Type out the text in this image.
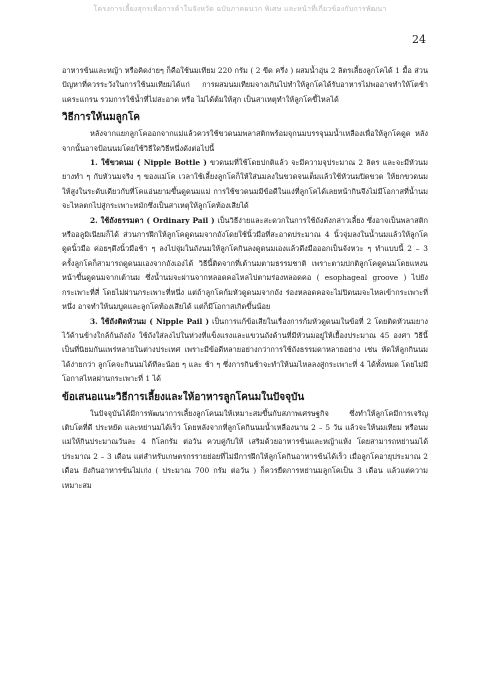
โครงการเลี้ยงสุกรเพื่อการค้าในจังหวัด ฉบับภาคผนวก พิเศษ และหน้าที่เกี่ยวข้องกับการพัฒนา
24

อาหารข้นและหญ้า หรือคิดง่ายๆ ก็คือใช้นมเทียม 220 กรัม ( 2 ขีด ครึ่ง ) ผสมน้ำอุ่น 2 ลิตรเลี้ยงลูกโคได้ 1 มื้อ ส่วนปัญหาที่ควรระวังในการใช้นมเทียมได้แก่ การผสมนมเทียมจางเกินไปทำให้ลูกโคได้รับอาหารไม่พออาจทำให้โตช้า แคระแกรน รวมการใช้น้ำที่ไม่สะอาด หรือ ไม่ได้ต้มให้สุก เป็นสาเหตุทำให้ลูกโคขี้ไหลได้

วิธีการให้นมลูกโค

หลังจากแยกลูกโคออกจากแม่แล้วควรใช้ขวดนมพลาสติกพร้อมจุกนมบรรจุนมน้ำเหลืองเพื่อให้ลูกโคดูด หลังจากนั้นอาจป้อนนมโดยใช้วิธีใดวิธีหนึ่งดังต่อไปนี้

1. ใช้ขวดนม ( Nipple Bottle ) ขวดนมที่ใช้โดยปกติแล้ว จะมีความจุประมาณ 2 ลิตร และจะมีหัวนมยางทำ ๆ กับหัวนมจริง ๆ ของแม่โค เวลาใช้เลี้ยงลูกโคก็ให้ใส่นมลงในขวดจนเต็มแล้วใช้หัวนมปิดขวด ให้ยกขวดนมให้สูงในระดับเดียวกับที่โคแอ่นยามขึ้นดูดนมแม่ การใช้ขวดนมมีข้อดีในแง่ที่ลูกโคได้เลยหน้ากินจึงไม่มีโอกาสที่น้ำนมจะไหลตกไปสู่กระเพาะหมักซึ่งเป็นสาเหตุให้ลูกโคท้องเสียได้

2. ใช้ถังธรรมดา ( Ordinary Pail ) เป็นวิธีง่ายและสะดวกในการใช้ถังดังกล่าวเลี้ยง ซึ่งอาจเป็นพลาสติกหรืออลูมิเนียมก็ได้ ส่วนการฝึกให้ลูกโคดูดนมจากถังโดยใช้นิ้วมือที่สะอาดประมาณ 4 นิ้วจุ่มลงในน้ำนมแล้วให้ลูกโคดูดนิ้วมือ ค่อยๆดึงนิ้วมือช้า ๆ ลงไปจุ่มในถังนมให้ลูกโคกินลงดูดนมเองแล้วดึงมือออกเป็นจังหวะ ๆ ทำแบบนี้ 2 – 3 ครั้งลูกโคก็สามารถดูดนมเองจากถังเองได้ วิธีนี้ติดจากที่เต้านมตามธรรมชาติ เพราะตามปกติลูกโคดูดนมโดยแหงนหน้าขึ้นดูดนมจากเต้านม ซึ่งน้ำนมจะผ่านจากหลอดคอไหลไปตามร่องหลอดคอ ( esophageal groove ) ไปยังกระเพาะที่สี่ โดยไม่ผ่านกระเพาะที่หนึ่ง แต่ถ้าลูกโคก้มหัวดูดนมจากถัง ร่องหลอดคอจะไม่ปิดนมจะไหลเข้ากระเพาะที่หนึ่ง อาจทำให้นมบูดและลูกโคท้องเสียได้ แต่ก็มีโอกาสเกิดขึ้นน้อย

3. ใช้ถังติดหัวนม ( Nipple Pail ) เป็นการแก้ข้อเสียในเรื่องการก้มหัวดูดนมในข้อที่ 2 โดยติดหัวนมยางไว้ด้านข้างใกล้ก้นถังถัง ใช้ถังใส่ลงไปในห่วงที่แข็งแรงและแขวนถังด้านที่มีหัวนมอยู่ให้เยื้องประมาณ 45 องศา วิธีนี้เป็นที่นิยมกันแพร่หลายในต่างประเทศ เพราะมีข้อดีหลายอย่างกว่าการใช้ถังธรรมดาหลายอย่าง เช่น หัดให้ลูกกินนมได้ง่ายกว่า ลูกโคจะกินนมได้ทีละน้อย ๆ และ ช้า ๆ ซึ่งการกินช้าจะทำให้นมไหลลงสู่กระเพาะที่ 4 ได้ทั้งหมด โดยไม่มีโอกาสไหลผ่านกระเพาะที่ 1 ได้

ข้อเสนอแนะวิธีการเลี้ยงและให้อาหารลูกโคนมในปัจจุบัน

ในปัจจุบันได้มีการพัฒนาการเลี้ยงลูกโคนมให้เหมาะสมขึ้นกับสภาพเศรษฐกิจ ซึ่งทำให้ลูกโคมีการเจริญเติบโตที่ดี ประหยัด และหย่านมได้เร็ว โดยหลังจากที่ลูกโคกินนมน้ำเหลืองนาน 2 – 5 วัน แล้วจะให้นมเทียม หรือนมแม่ให้กินประมาณวันละ 4 กิโลกรัม ต่อวัน ควบคู่กับให้ เสริมด้วยอาหารข้นและหญ้าแห้ง โดยสามารถหย่านมได้ประมาณ 2 – 3 เดือน แต่สำหรับเกษตรกรรายย่อยที่ไม่มีการฝึกให้ลูกโคกินอาหารข้นได้เร็ว เมื่อลูกโคอายุประมาณ 2 เดือน ยังกินอาหารข้นไม่เก่ง ( ประมาณ 700 กรัม ต่อวัน ) ก็ควรยืดการหย่านมลูกโคเป็น 3 เดือน แล้วแต่ความเหมาะสม
